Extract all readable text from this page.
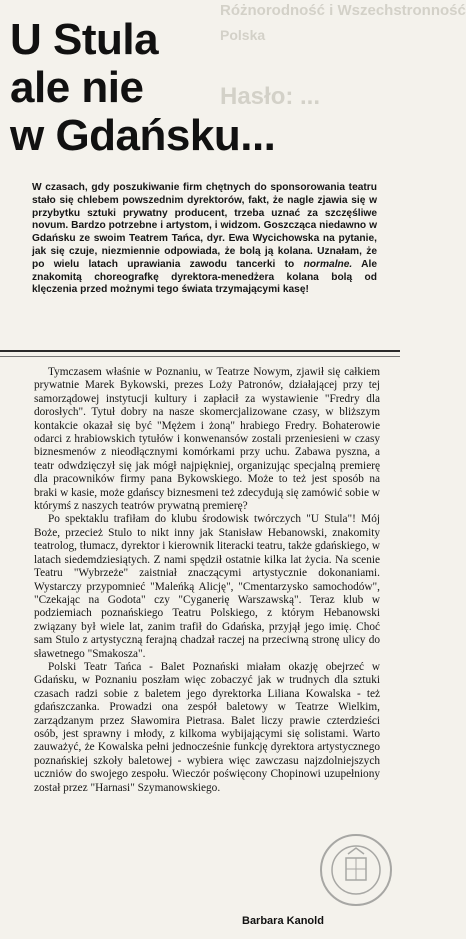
Różnorodność i Wszechstronność
Polska
Hasło: ...
U Stula
ale nie
w Gdańsku...
W czasach, gdy poszukiwanie firm chętnych do sponsorowania teatru stało się chlebem powszednim dyrektorów, fakt, że nagle zjawia się w przybytku sztuki prywatny producent, trzeba uznać za szczęśliwe novum. Bardzo potrzebne i artystom, i widzom. Goszcząca niedawno w Gdańsku ze swoim Teatrem Tańca, dyr. Ewa Wycichowska na pytanie, jak się czuje, niezmiennie odpowiada, że bolą ją kolana. Uznałam, że po wielu latach uprawiania zawodu tancerki to normalne. Ale znakomitą choreografkę dyrektora-menedżera kolana bolą od klęczenia przed możnymi tego świata trzymającymi kasę!

Tymczasem właśnie w Poznaniu, w Teatrze Nowym, zjawił się całkiem prywatnie Marek Bykowski, prezes Loży Patronów, działającej przy tej samorządowej instytucji kultury i zapłacił za wystawienie "Fredry dla dorosłych". Tytuł dobry na nasze skomercjalizowane czasy, w bliższym kontakcie okazał się być "Mężem i żoną" hrabiego Fredry. Bohaterowie odarci z hrabiowskich tytułów i konwenansów zostali przeniesieni w czasy biznesmenów z nieodłącznymi komórkami przy uchu. Zabawa pyszna, a teatr odwdzięczył się jak mógł najpiękniej, organizując specjalną premierę dla pracowników firmy pana Bykowskiego. Może to też jest sposób na braki w kasie, może gdańscy biznesmeni też zdecydują się zamówić sobie w którymś z naszych teatrów prywatną premierę?

Po spektaklu trafiłam do klubu środowisk twórczych "U Stula"! Mój Boże, przecież Stulo to nikt inny jak Stanisław Hebanowski, znakomity teatrolog, tłumacz, dyrektor i kierownik literacki teatru, także gdańskiego, w latach siedemdziesiątych. Z nami spędził ostatnie kilka lat życia. Na scenie Teatru "Wybrzeże" zaistniał znaczącymi artystycznie dokonaniami. Wystarczy przypomnieć "Maleńką Alicję", "Cmentarzysko samochodów", "Czekając na Godota" czy "Cyganerię Warszawską". Teraz klub w podziemiach poznańskiego Teatru Polskiego, z którym Hebanowski związany był wiele lat, zanim trafił do Gdańska, przyjął jego imię. Choć sam Stulo z artystyczną ferajną chadzał raczej na przeciwną stronę ulicy do sławetnego "Smakosza".

Polski Teatr Tańca - Balet Poznański miałam okazję obejrzeć w Gdańsku, w Poznaniu poszłam więc zobaczyć jak w trudnych dla sztuki czasach radzi sobie z baletem jego dyrektorka Liliana Kowalska - też gdańszczanka. Prowadzi ona zespół baletowy w Teatrze Wielkim, zarządzanym przez Sławomira Pietrasa. Balet liczy prawie czterdzieści osób, jest sprawny i młody, z kilkoma wybijającymi się solistami. Warto zauważyć, że Kowalska pełni jednocześnie funkcję dyrektora artystycznego poznańskiej szkoły baletowej - wybiera więc zawczasu najzdolniejszych uczniów do swojego zespołu. Wieczór poświęcony Chopinowi uzupełniony został przez "Harnasi" Szymanowskiego.

Barbara Kanold
